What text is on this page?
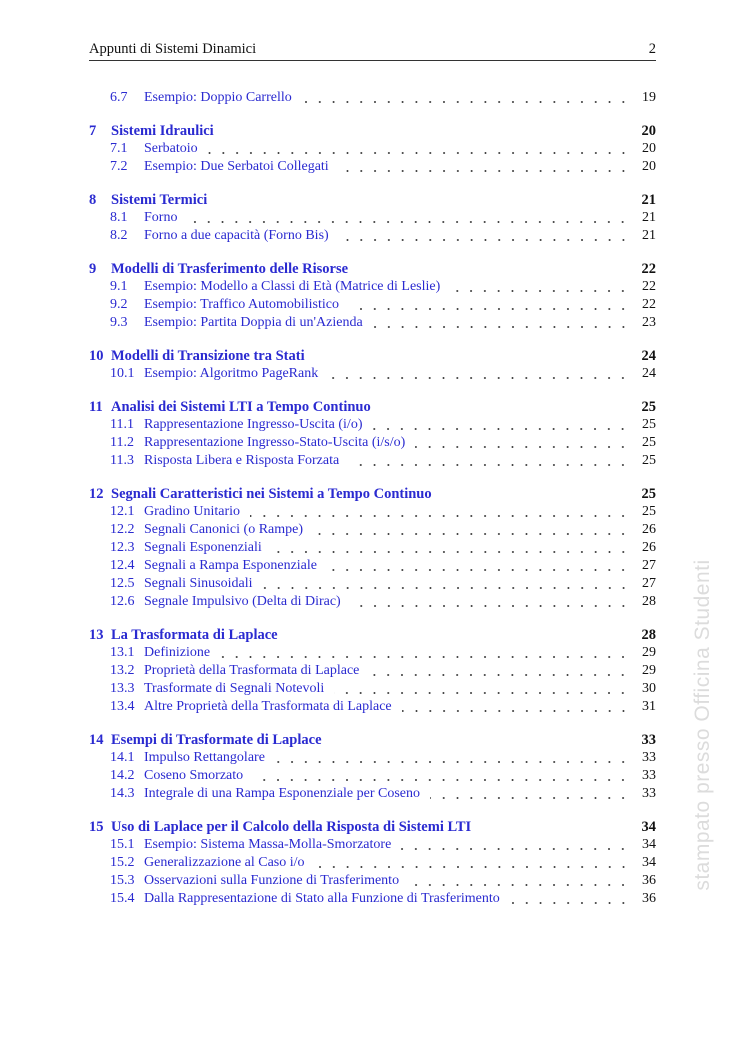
Appunti di Sistemi Dinamici	2
6.7	Esempio: Doppio Carrello	19
7	Sistemi Idraulici	20
7.1	Serbatoio	20
7.2	Esempio: Due Serbatoi Collegati	20
8	Sistemi Termici	21
8.1	Forno	21
8.2	Forno a due capacità (Forno Bis)	21
9	Modelli di Trasferimento delle Risorse	22
9.1	Esempio: Modello a Classi di Età (Matrice di Leslie)	22
9.2	Esempio: Traffico Automobilistico	22
9.3	Esempio: Partita Doppia di un'Azienda	23
10 Modelli di Transizione tra Stati	24
10.1 Esempio: Algoritmo PageRank	24
11 Analisi dei Sistemi LTI a Tempo Continuo	25
11.1 Rappresentazione Ingresso-Uscita (i/o)	25
11.2 Rappresentazione Ingresso-Stato-Uscita (i/s/o)	25
11.3 Risposta Libera e Risposta Forzata	25
12 Segnali Caratteristici nei Sistemi a Tempo Continuo	25
12.1 Gradino Unitario	25
12.2 Segnali Canonici (o Rampe)	26
12.3 Segnali Esponenziali	26
12.4 Segnali a Rampa Esponenziale	27
12.5 Segnali Sinusoidali	27
12.6 Segnale Impulsivo (Delta di Dirac)	28
13 La Trasformata di Laplace	28
13.1 Definizione	29
13.2 Proprietà della Trasformata di Laplace	29
13.3 Trasformate di Segnali Notevoli	30
13.4 Altre Proprietà della Trasformata di Laplace	31
14 Esempi di Trasformate di Laplace	33
14.1 Impulso Rettangolare	33
14.2 Coseno Smorzato	33
14.3 Integrale di una Rampa Esponenziale per Coseno	33
15 Uso di Laplace per il Calcolo della Risposta di Sistemi LTI	34
15.1 Esempio: Sistema Massa-Molla-Smorzatore	34
15.2 Generalizzazione al Caso i/o	34
15.3 Osservazioni sulla Funzione di Trasferimento	36
15.4 Dalla Rappresentazione di Stato alla Funzione di Trasferimento	36
stampato presso Officina Studenti
